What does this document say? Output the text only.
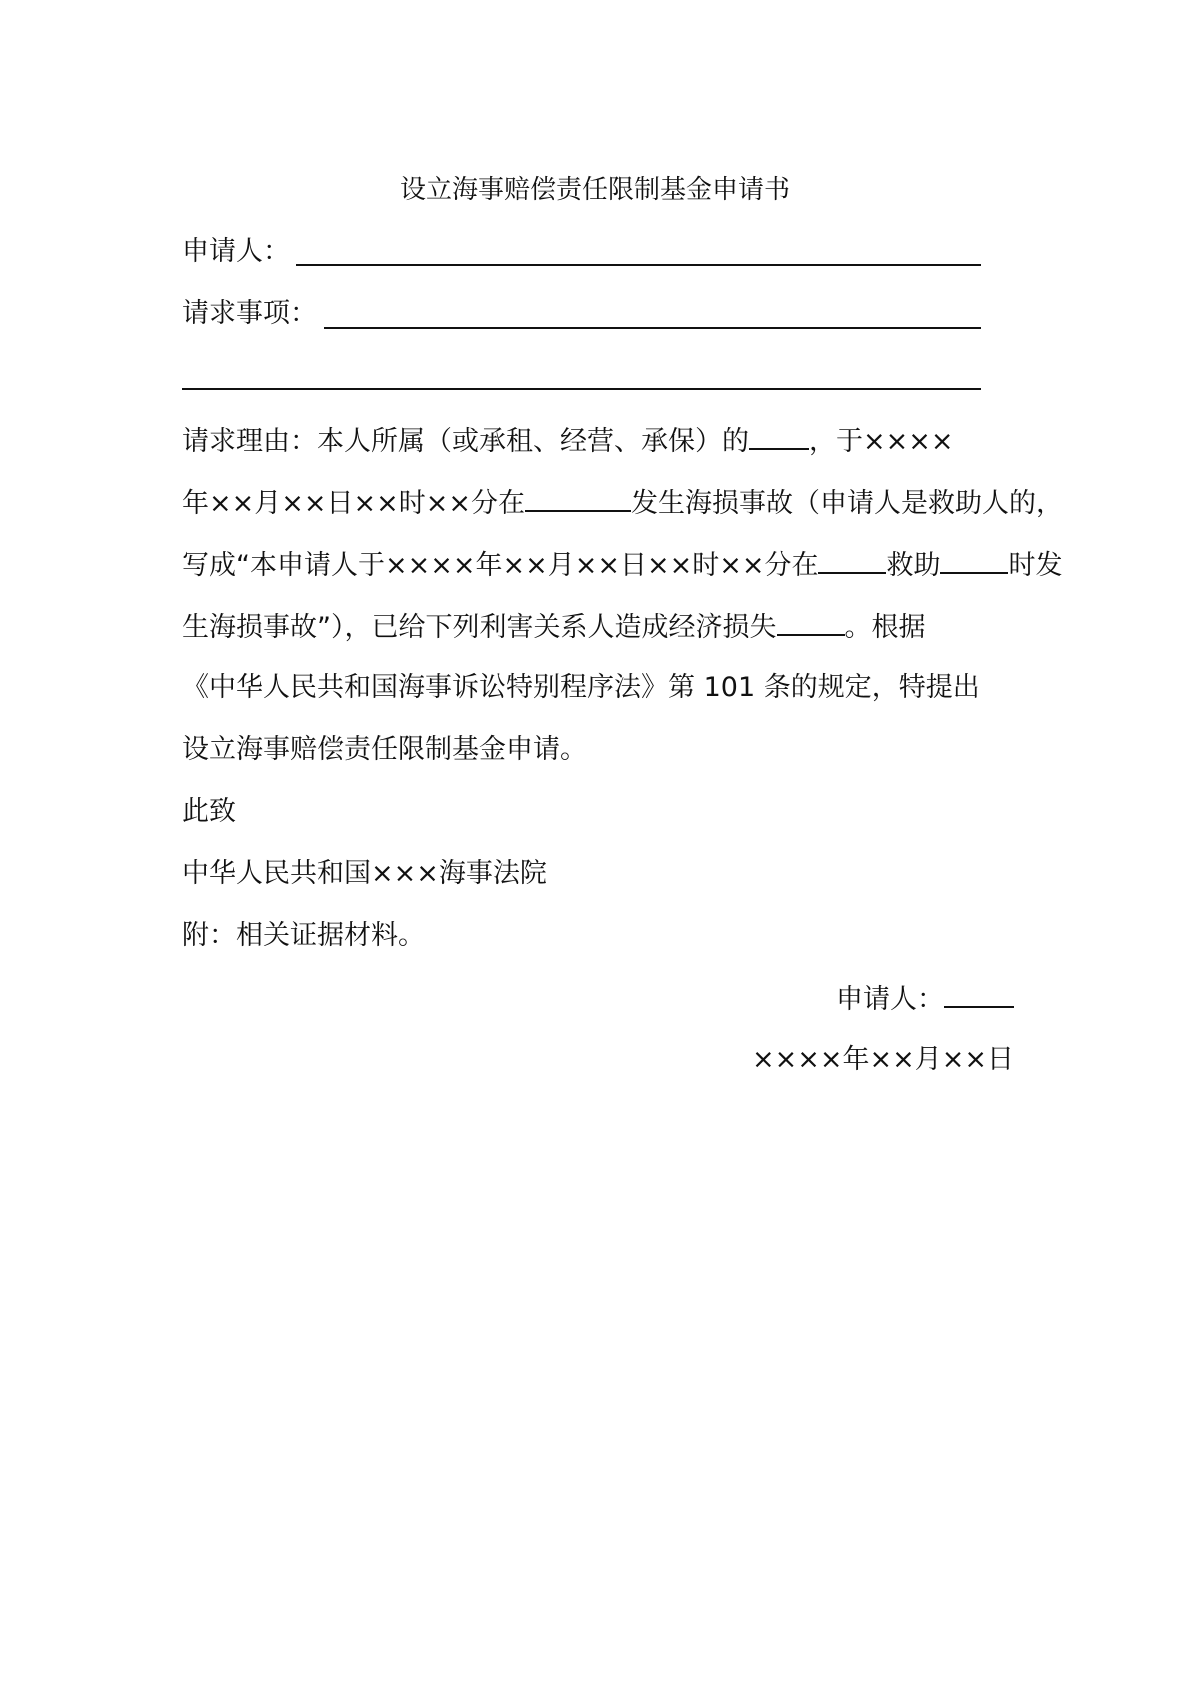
设立海事赔偿责任限制基金申请书
申请人：
请求事项：
请求理由：本人所属（或承租、经营、承保）的 ，于××××
年××月××日××时××分在	发生海损事故（申请人是救助人的，
写成“本申请人于××××年××月××日××时××分在	救助	时发
生海损事故”），已给下列利害关系人造成经济损失	。根据
《中华人民共和国海事诉讼特别程序法》第 101 条的规定，特提出
设立海事赔偿责任限制基金申请。
此致
中华人民共和国×××海事法院
附：相关证据材料。
申请人：
××××年××月××日
